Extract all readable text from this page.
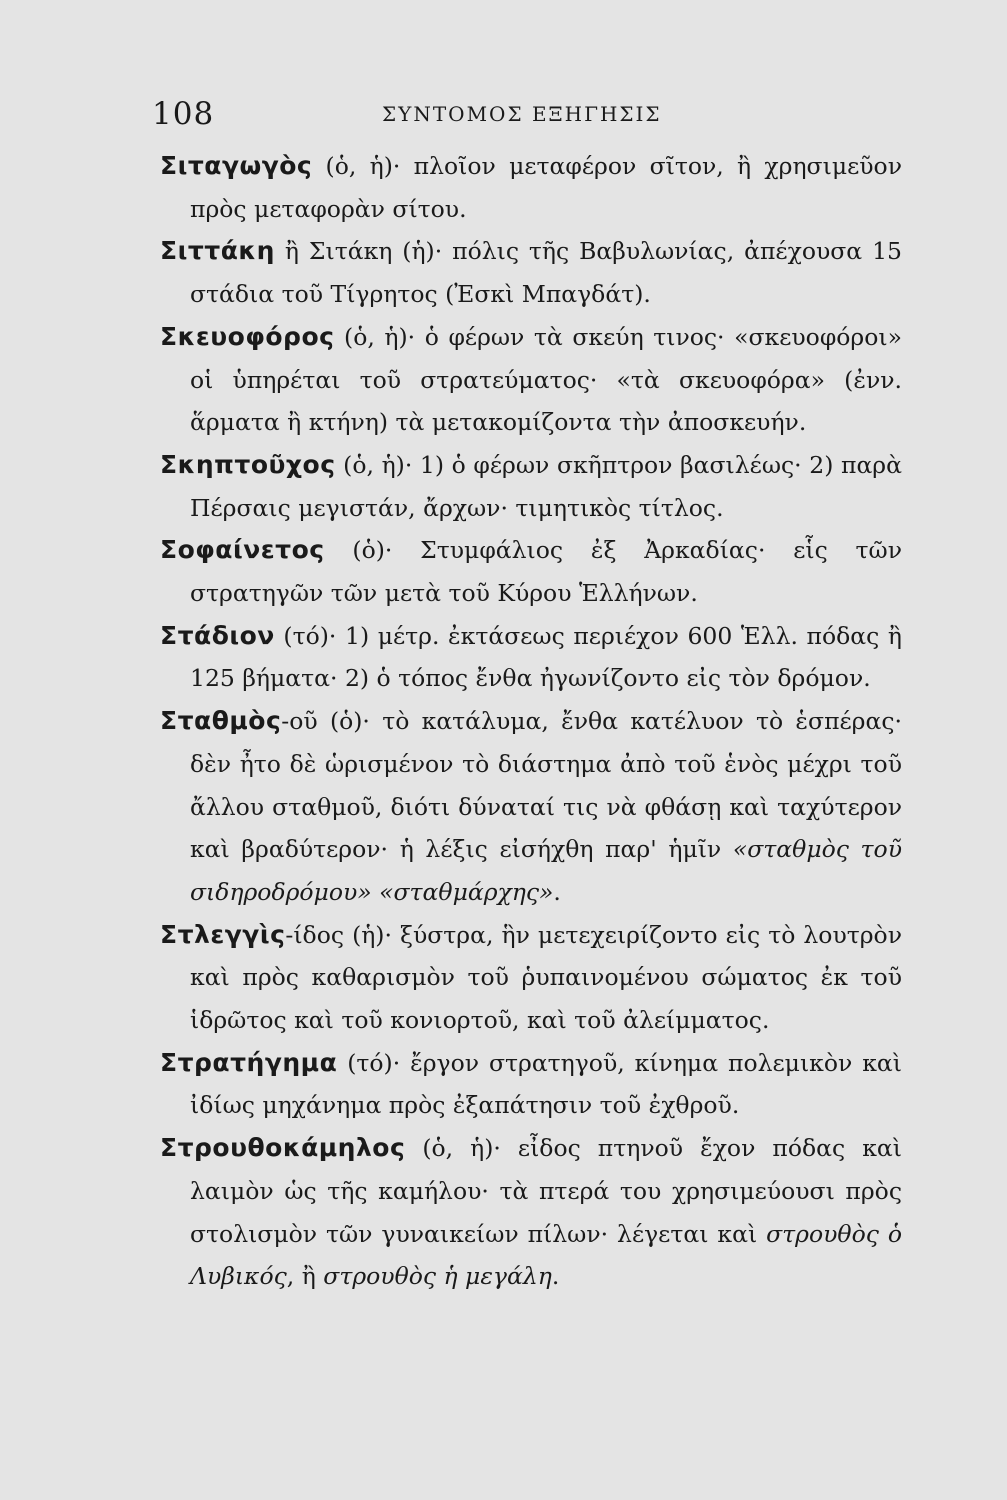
108	ΣΥΝΤΟΜΟΣ ΕΞΗΓΗΣΙΣ

Σιταγωγὸς (ὁ, ἡ)· πλοῖον μεταφέρον σῖτον, ἢ χρησιμεῦον πρὸς μεταφορὰν σίτου.

Σιττάκη ἢ Σιτάκη (ἡ)· πόλις τῆς Βαβυλωνίας, ἀπέχουσα 15 στάδια τοῦ Τίγρητος (Ἐσκὶ Μπαγδάτ).

Σκευοφόρος (ὁ, ἡ)· ὁ φέρων τὰ σκεύη τινος· «σκευοφόροι» οἱ ὑπηρέται τοῦ στρατεύματος· «τὰ σκευοφόρα» (ἐνν. ἅρματα ἢ κτήνη) τὰ μετακομίζοντα τὴν ἀποσκευήν.

Σκηπτοῦχος (ὁ, ἡ)· 1) ὁ φέρων σκῆπτρον βασιλέως· 2) παρὰ Πέρσαις μεγιστάν, ἄρχων· τιμητικὸς τίτλος.

Σοφαίνετος (ὁ)· Στυμφάλιος ἐξ Ἀρκαδίας· εἷς τῶν στρατηγῶν τῶν μετὰ τοῦ Κύρου Ἑλλήνων.

Στάδιον (τό)· 1) μέτρ. ἐκτάσεως περιέχον 600 Ἑλλ. πόδας ἢ 125 βήματα· 2) ὁ τόπος ἔνθα ἠγωνίζοντο εἰς τὸν δρόμον.

Σταθμὸς-οῦ (ὁ)· τὸ κατάλυμα, ἔνθα κατέλυον τὸ ἑσπέρας· δὲν ἦτο δὲ ὡρισμένον τὸ διάστημα ἀπὸ τοῦ ἑνὸς μέχρι τοῦ ἄλλου σταθμοῦ, διότι δύναταί τις νὰ φθάσῃ καὶ ταχύτερον καὶ βραδύτερον· ἡ λέξις εἰσήχθη παρ' ἡμῖν «σταθμὸς τοῦ σιδηροδρόμου» «σταθμάρχης».

Στλεγγὶς-ίδος (ἡ)· ξύστρα, ἣν μετεχειρίζοντο εἰς τὸ λουτρὸν καὶ πρὸς καθαρισμὸν τοῦ ῥυπαινομένου σώματος ἐκ τοῦ ἱδρῶτος καὶ τοῦ κονιορτοῦ, καὶ τοῦ ἀλείμματος.

Στρατήγημα (τό)· ἔργον στρατηγοῦ, κίνημα πολεμικὸν καὶ ἰδίως μηχάνημα πρὸς ἐξαπάτησιν τοῦ ἐχθροῦ.

Στρουθοκάμηλος (ὁ, ἡ)· εἶδος πτηνοῦ ἔχον πόδας καὶ λαιμὸν ὡς τῆς καμήλου· τὰ πτερά του χρησιμεύουσι πρὸς στολισμὸν τῶν γυναικείων πίλων· λέγεται καὶ στρουθὸς ὁ Λυβικός, ἢ στρουθὸς ἡ μεγάλη.
